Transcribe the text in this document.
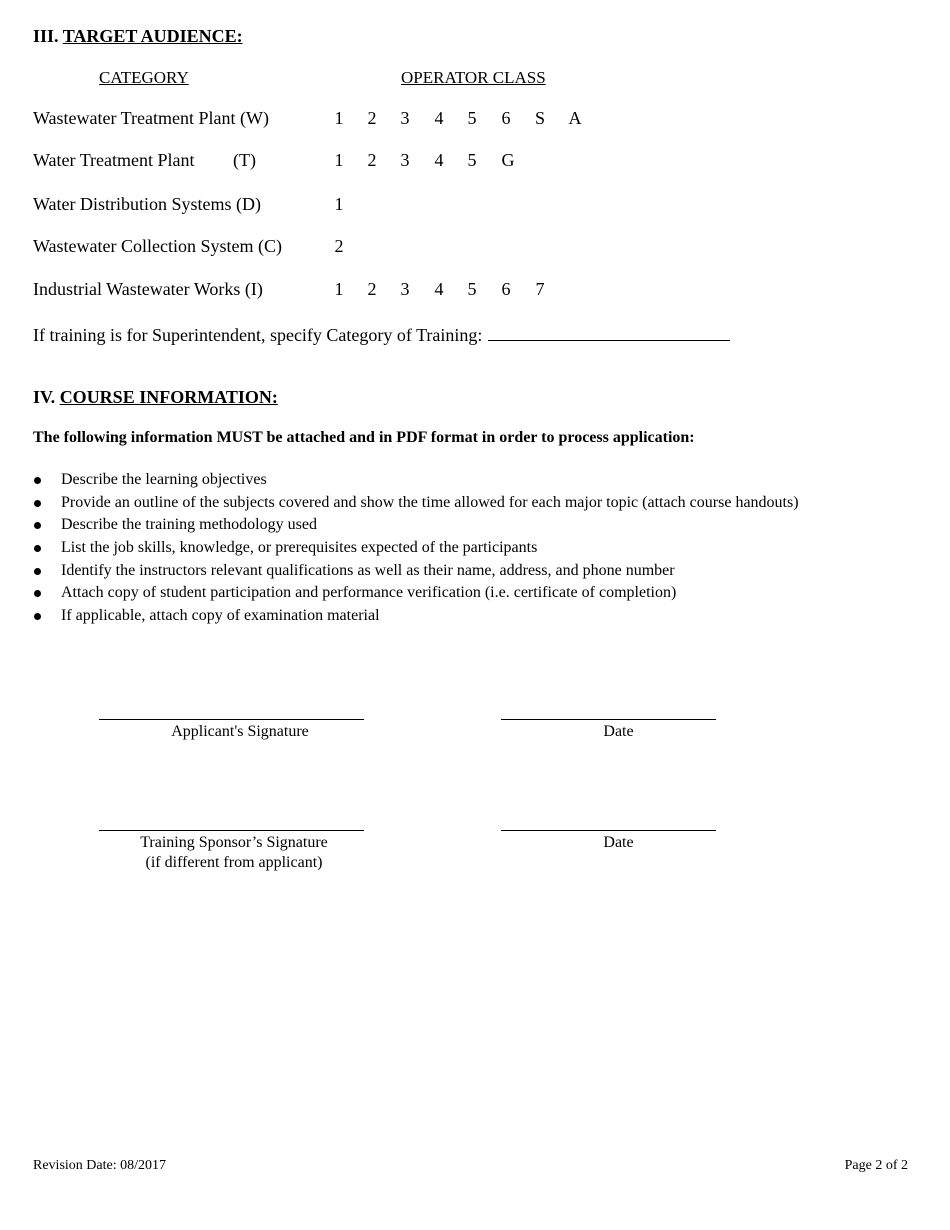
III. TARGET AUDIENCE:
CATEGORY	OPERATOR CLASS
Wastewater Treatment Plant (W)	1 2 3 4 5 6 S A
Water Treatment Plant (T)	1 2 3 4 5 G
Water Distribution Systems (D)	1
Wastewater Collection System (C)	2
Industrial Wastewater Works (I)	1 2 3 4 5 6 7
If training is for Superintendent, specify Category of Training:
IV. COURSE INFORMATION:
The following information MUST be attached and in PDF format in order to process application:
Describe the learning objectives
Provide an outline of the subjects covered and show the time allowed for each major topic (attach course handouts)
Describe the training methodology used
List the job skills, knowledge, or prerequisites expected of the participants
Identify the instructors relevant qualifications as well as their name, address, and phone number
Attach copy of student participation and performance verification (i.e. certificate of completion)
If applicable, attach copy of examination material
Applicant's Signature	Date
Training Sponsor’s Signature
(if different from applicant)
Date
Revision Date: 08/2017	Page 2 of 2
